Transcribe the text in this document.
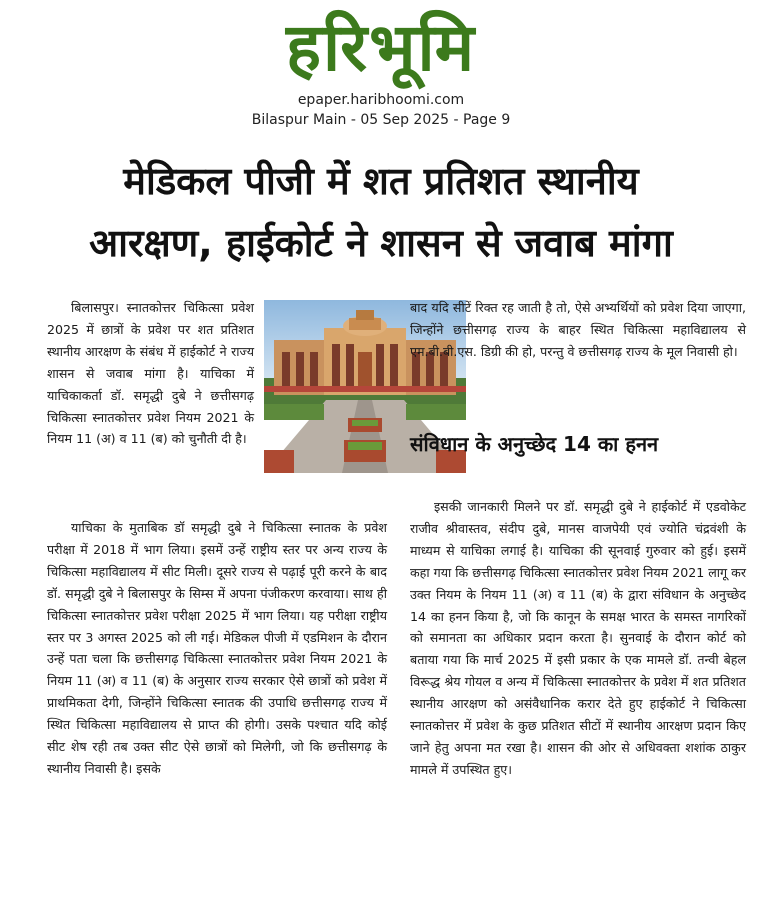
हरिभूमि
epaper.haribhoomi.com
Bilaspur Main - 05 Sep 2025 - Page 9
मेडिकल पीजी में शत प्रतिशत स्थानीय
आरक्षण, हाईकोर्ट ने शासन से जवाब मांगा

बिलासपुर। स्नातकोत्तर चिकित्सा प्रवेश 2025 में छात्रों के प्रवेश पर शत प्रतिशत स्थानीय आरक्षण के संबंध में हाईकोर्ट ने राज्य शासन से जवाब मांगा है। याचिका में याचिकाकर्ता डॉ. समृद्धी दुबे ने छत्तीसगढ़ चिकित्सा स्नातकोत्तर प्रवेश नियम 2021 के नियम 11 (अ) व 11 (ब) को चुनौती दी है।

याचिका के मुताबिक डॉ समृद्धी दुबे ने चिकित्सा स्नातक के प्रवेश परीक्षा में 2018 में भाग लिया। इसमें उन्हें राष्ट्रीय स्तर पर अन्य राज्य के चिकित्सा महाविद्यालय में सीट मिली। दूसरे राज्य से पढ़ाई पूरी करने के बाद डॉ. समृद्धी दुबे ने बिलासपुर के सिम्स में अपना पंजीकरण करवाया। साथ ही चिकित्सा स्नातकोत्तर प्रवेश परीक्षा 2025 में भाग लिया। यह परीक्षा राष्ट्रीय स्तर पर 3 अगस्त 2025 को ली गई। मेडिकल पीजी में एडमिशन के दौरान उन्हें पता चला कि छत्तीसगढ़ चिकित्सा स्नातकोत्तर प्रवेश नियम 2021 के नियम 11 (अ) व 11 (ब) के अनुसार राज्य सरकार ऐसे छात्रों को प्रवेश में प्राथमिकता देगी, जिन्होंने चिकित्सा स्नातक की उपाधि छत्तीसगढ़ राज्य में स्थित चिकित्सा महाविद्यालय से प्राप्त की होगी। उसके पश्चात यदि कोई सीट शेष रही तब उक्त सीट ऐसे छात्रों को मिलेगी, जो कि छत्तीसगढ़ के स्थानीय निवासी है। इसके

बाद यदि सीटें रिक्त रह जाती है तो, ऐसे अभ्यर्थियों को प्रवेश दिया जाएगा, जिन्होंने छत्तीसगढ़ राज्य के बाहर स्थित चिकित्सा महाविद्यालय से एम.बी.बी.एस. डिग्री की हो, परन्तु वे छत्तीसगढ़ राज्य के मूल निवासी हो।

संविधान के अनुच्छेद 14 का हनन

इसकी जानकारी मिलने पर डॉ. समृद्धी दुबे ने हाईकोर्ट में एडवोकेट राजीव श्रीवास्तव, संदीप दुबे, मानस वाजपेयी एवं ज्योति चंद्रवंशी के माध्यम से याचिका लगाई है। याचिका की सूनवाई गुरुवार को हुई। इसमें कहा गया कि छत्तीसगढ़ चिकित्सा स्नातकोत्तर प्रवेश नियम 2021 लागू कर उक्त नियम के नियम 11 (अ) व 11 (ब) के द्वारा संविधान के अनुच्छेद 14 का हनन किया है, जो कि कानून के समक्ष भारत के समस्त नागरिकों को समानता का अधिकार प्रदान करता है। सुनवाई के दौरान कोर्ट को बताया गया कि मार्च 2025 में इसी प्रकार के एक मामले डॉ. तन्वी बेहल विरूद्ध श्रेय गोयल व अन्य में चिकित्सा स्नातकोत्तर के प्रवेश में शत प्रतिशत स्थानीय आरक्षण को असंवैधानिक करार देते हुए हाईकोर्ट ने चिकित्सा स्नातकोत्तर में प्रवेश के कुछ प्रतिशत सीटों में स्थानीय आरक्षण प्रदान किए जाने हेतु अपना मत रखा है। शासन की ओर से अधिवक्ता शशांक ठाकुर मामले में उपस्थित हुए।
